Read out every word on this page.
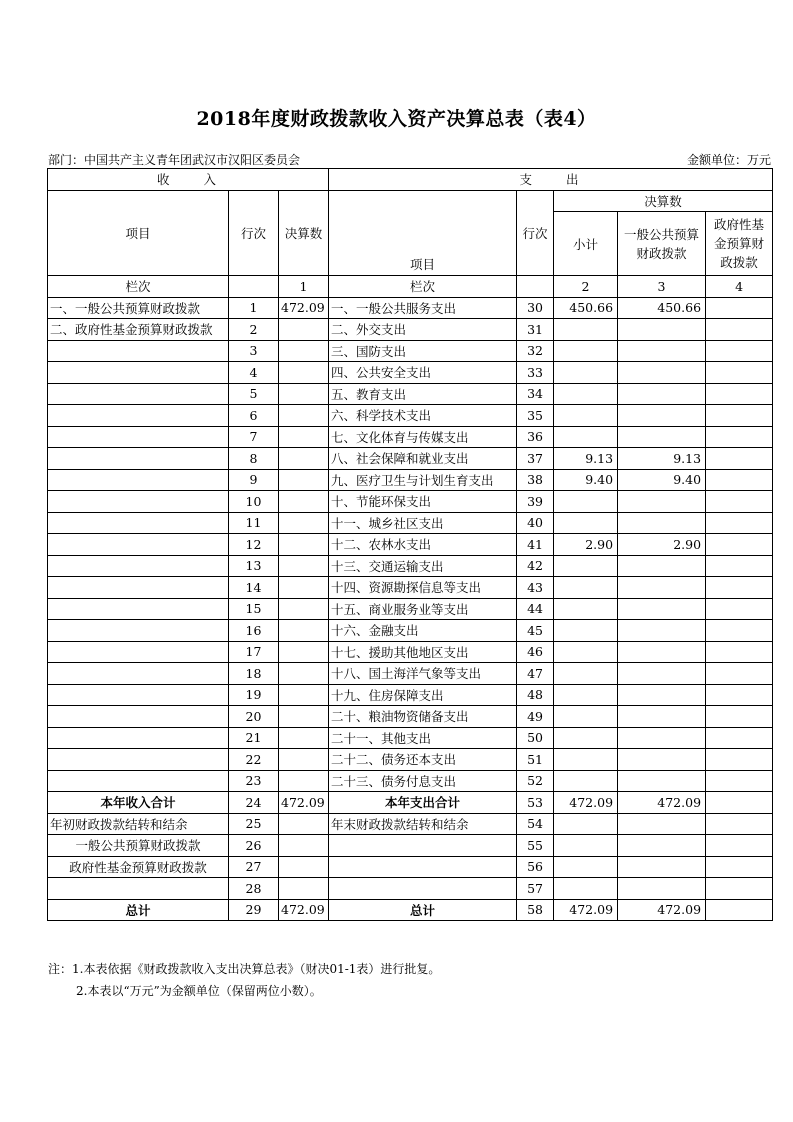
2018年度财政拨款收入资产决算总表（表4）
部门：中国共产主义青年团武汉市汉阳区委员会	金额单位：万元
收　　入			支　　出				
项目	行次	决算数	项目	行次	决算数		
					小计	一般公共预算财政拨款	政府性基金预算财政拨款
栏次		1	栏次		2	3	4
一、一般公共预算财政拨款	1	472.09	一、一般公共服务支出	30	450.66	450.66	
二、政府性基金预算财政拨款	2		二、外交支出	31			
	3		三、国防支出	32			
	4		四、公共安全支出	33			
	5		五、教育支出	34			
	6		六、科学技术支出	35			
	7		七、文化体育与传媒支出	36			
	8		八、社会保障和就业支出	37	9.13	9.13	
	9		九、医疗卫生与计划生育支出	38	9.40	9.40	
	10		十、节能环保支出	39			
	11		十一、城乡社区支出	40			
	12		十二、农林水支出	41	2.90	2.90	
	13		十三、交通运输支出	42			
	14		十四、资源勘探信息等支出	43			
	15		十五、商业服务业等支出	44			
	16		十六、金融支出	45			
	17		十七、援助其他地区支出	46			
	18		十八、国土海洋气象等支出	47			
	19		十九、住房保障支出	48			
	20		二十、粮油物资储备支出	49			
	21		二十一、其他支出	50			
	22		二十二、债务还本支出	51			
	23		二十三、债务付息支出	52			
本年收入合计	24	472.09	本年支出合计	53	472.09	472.09	
年初财政拨款结转和结余	25		年末财政拨款结转和结余	54			
一般公共预算财政拨款	26			55			
政府性基金预算财政拨款	27			56			
	28			57			
总计	29	472.09	总计	58	472.09	472.09	
注：1.本表依据《财政拨款收入支出决算总表》（财决01-1表）进行批复。
2.本表以“万元”为金额单位（保留两位小数）。
